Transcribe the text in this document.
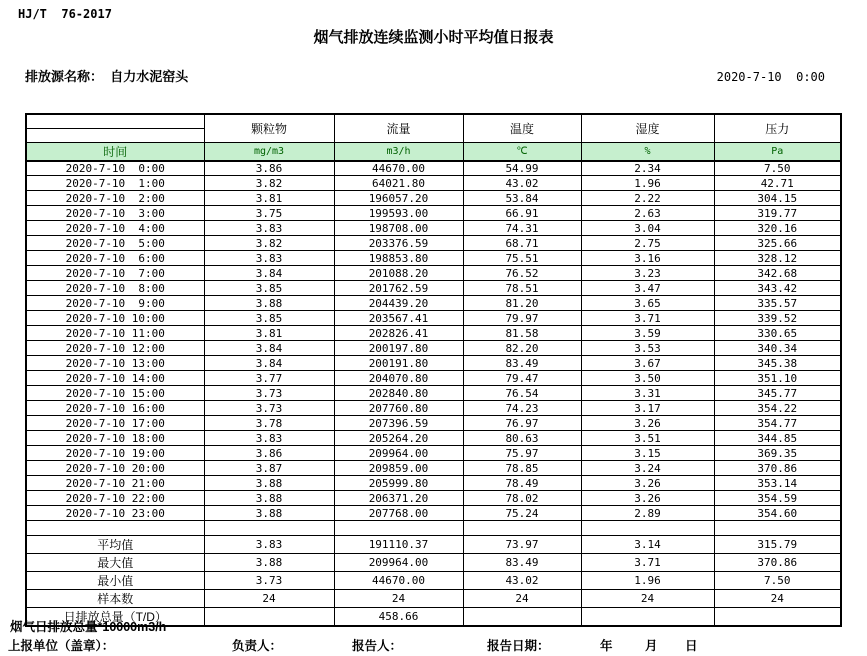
HJ/T  76-2017
烟气排放连续监测小时平均值日报表
排放源名称：  自力水泥窑头	2020-7-10  0:00
	颗粒物	流量	温度	湿度	压力
时间	mg/m3	m3/h	℃	%	Pa
2020-7-10  0:00	3.86	44670.00	54.99	2.34	7.50
2020-7-10  1:00	3.82	64021.80	43.02	1.96	42.71
2020-7-10  2:00	3.81	196057.20	53.84	2.22	304.15
2020-7-10  3:00	3.75	199593.00	66.91	2.63	319.77
2020-7-10  4:00	3.83	198708.00	74.31	3.04	320.16
2020-7-10  5:00	3.82	203376.59	68.71	2.75	325.66
2020-7-10  6:00	3.83	198853.80	75.51	3.16	328.12
2020-7-10  7:00	3.84	201088.20	76.52	3.23	342.68
2020-7-10  8:00	3.85	201762.59	78.51	3.47	343.42
2020-7-10  9:00	3.88	204439.20	81.20	3.65	335.57
2020-7-10 10:00	3.85	203567.41	79.97	3.71	339.52
2020-7-10 11:00	3.81	202826.41	81.58	3.59	330.65
2020-7-10 12:00	3.84	200197.80	82.20	3.53	340.34
2020-7-10 13:00	3.84	200191.80	83.49	3.67	345.38
2020-7-10 14:00	3.77	204070.80	79.47	3.50	351.10
2020-7-10 15:00	3.73	202840.80	76.54	3.31	345.77
2020-7-10 16:00	3.73	207760.80	74.23	3.17	354.22
2020-7-10 17:00	3.78	207396.59	76.97	3.26	354.77
2020-7-10 18:00	3.83	205264.20	80.63	3.51	344.85
2020-7-10 19:00	3.86	209964.00	75.97	3.15	369.35
2020-7-10 20:00	3.87	209859.00	78.85	3.24	370.86
2020-7-10 21:00	3.88	205999.80	78.49	3.26	353.14
2020-7-10 22:00	3.88	206371.20	78.02	3.26	354.59
2020-7-10 23:00	3.88	207768.00	75.24	2.89	354.60

平均值	3.83	191110.37	73.97	3.14	315.79
最大值	3.88	209964.00	83.49	3.71	370.86
最小值	3.73	44670.00	43.02	1.96	7.50
样本数	24	24	24	24	24
日排放总量（T/D）		458.66			
烟气日排放总量*10000m3/h
上报单位（盖章）：	负责人：	报告人：	报告日期：	年	月 日
